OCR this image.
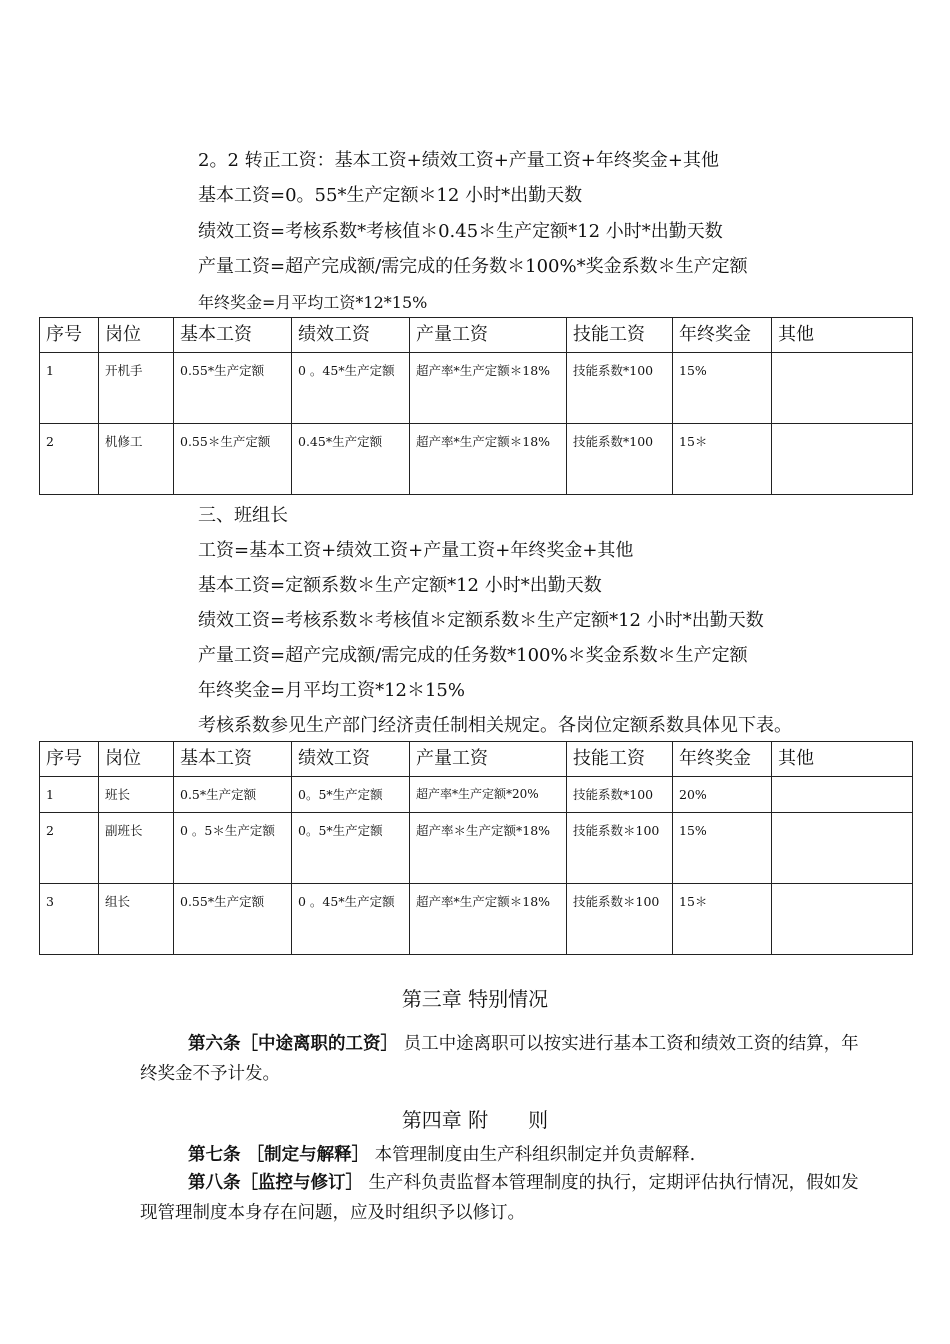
2。2 转正工资：基本工资+绩效工资+产量工资+年终奖金+其他
基本工资=0。55*生产定额＊12 小时*出勤天数
绩效工资=考核系数*考核值＊0.45＊生产定额*12 小时*出勤天数
产量工资=超产完成额/需完成的任务数＊100%*奖金系数＊生产定额
年终奖金=月平均工资*12*15%
序号	岗位	基本工资	绩效工资	产量工资	技能工资	年终奖金	其他
1	开机手	0.55*生产定额	0 。45*生产定额	超产率*生产定额＊18%	技能系数*100	15%	
2	机修工	0.55＊生产定额	0.45*生产定额	超产率*生产定额＊18%	技能系数*100	15＊	
三、班组长
工资=基本工资+绩效工资+产量工资+年终奖金+其他
基本工资=定额系数＊生产定额*12 小时*出勤天数
绩效工资=考核系数＊考核值＊定额系数＊生产定额*12 小时*出勤天数
产量工资=超产完成额/需完成的任务数*100%＊奖金系数＊生产定额
年终奖金=月平均工资*12＊15%
考核系数参见生产部门经济责任制相关规定。各岗位定额系数具体见下表。
序号	岗位	基本工资	绩效工资	产量工资	技能工资	年终奖金	其他
1	班长	0.5*生产定额	0。5*生产定额	超产率*生产定额*20%	技能系数*100	20%	
2	副班长	0 。5＊生产定额	0。5*生产定额	超产率＊生产定额*18%	技能系数＊100	15%	
3	组长	0.55*生产定额	0 。45*生产定额	超产率*生产定额＊18%	技能系数＊100	15＊	
第三章 特别情况
第六条［中途离职的工资］ 员工中途离职可以按实进行基本工资和绩效工资的结算，年终奖金不予计发。
第四章 附　　则
第七条 ［制定与解释］ 本管理制度由生产科组织制定并负责解释.
第八条［监控与修订］ 生产科负责监督本管理制度的执行，定期评估执行情况，假如发现管理制度本身存在问题，应及时组织予以修订。
